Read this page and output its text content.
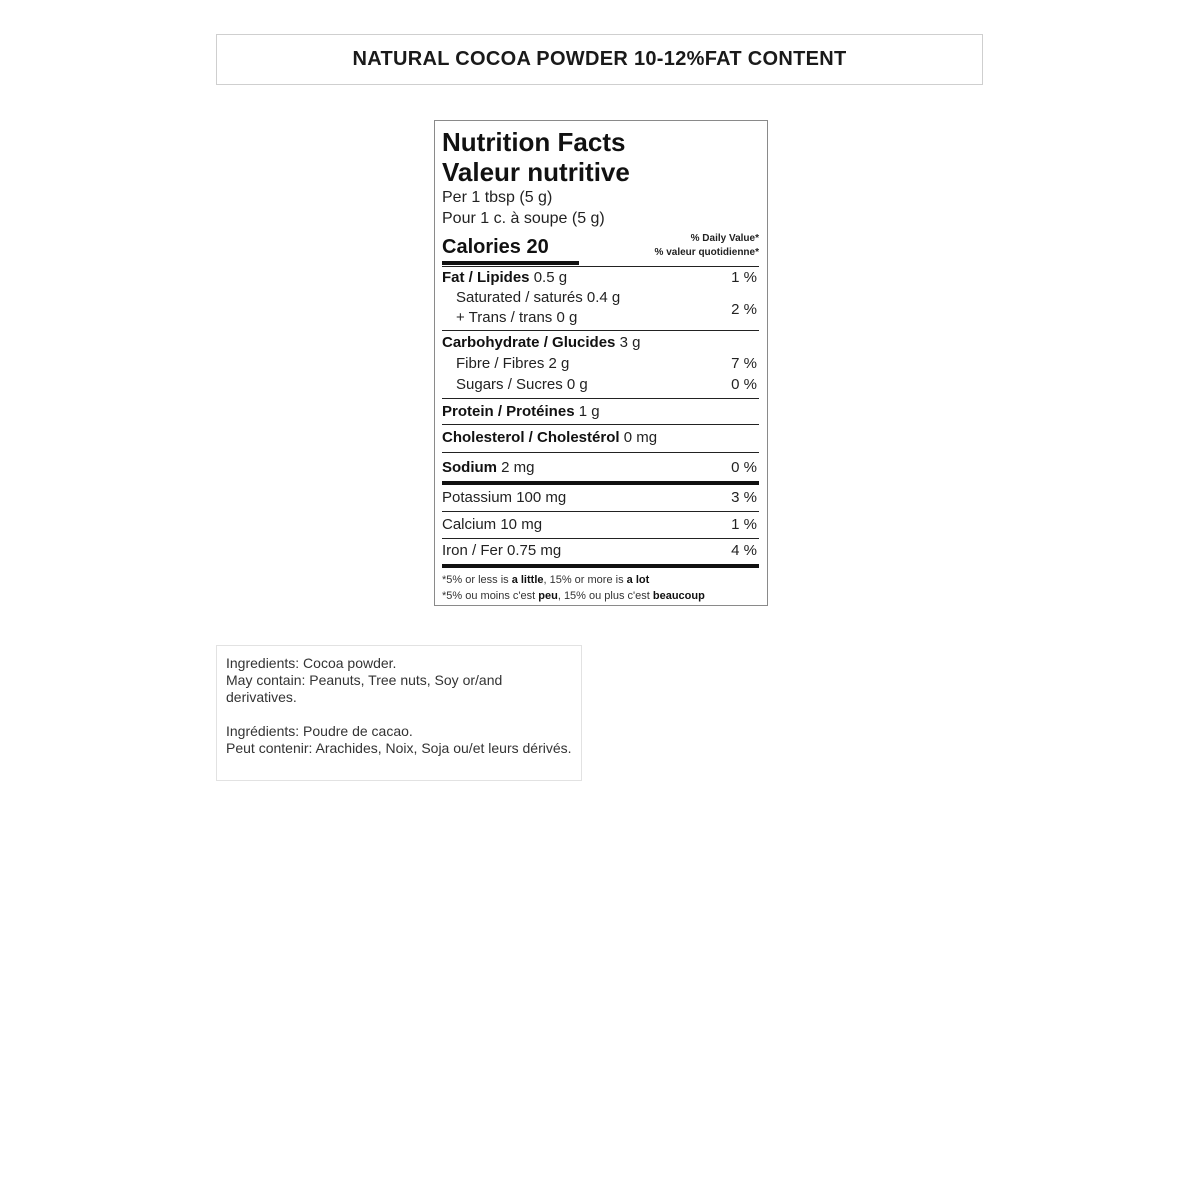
NATURAL COCOA POWDER 10-12%FAT CONTENT
Nutrition Facts
Valeur nutritive
Per 1 tbsp (5 g)
Pour 1 c. à soupe (5 g)
Calories 20	% Daily Value*
% valeur quotidienne*
Fat / Lipides 0.5 g	1 %
Saturated / saturés 0.4 g
+ Trans / trans 0 g	2 %
Carbohydrate / Glucides 3 g
Fibre / Fibres 2 g	7 %
Sugars / Sucres 0 g	0 %
Protein / Protéines 1 g
Cholesterol / Cholestérol 0 mg
Sodium 2 mg	0 %
Potassium 100 mg	3 %
Calcium 10 mg	1 %
Iron / Fer 0.75 mg	4 %
*5% or less is a little, 15% or more is a lot
*5% ou moins c'est peu, 15% ou plus c'est beaucoup

Ingredients: Cocoa powder.

May contain: Peanuts, Tree nuts, Soy or/and derivatives.

Ingrédients: Poudre de cacao.

Peut contenir: Arachides, Noix, Soja ou/et leurs dérivés.
